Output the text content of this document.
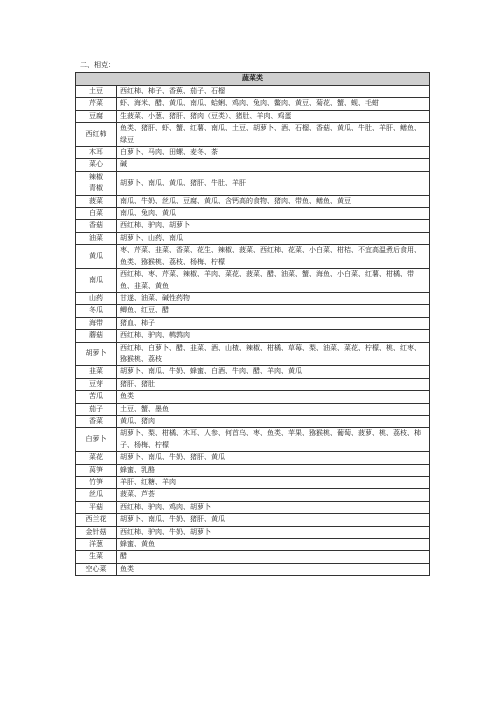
二、相克：
蔬菜类	
土豆	西红柿、柿子、香蕉、茄子、石榴
芹菜	虾、海米、醋、黄瓜、南瓜、蛤蜊、鸡肉、兔肉、鳖肉、黄豆、菊花、蟹、蚬、毛蚶
豆腐	生菠菜、小葱、猪肝、猪肉（豆类）、猪肚、羊肉、鸡蛋
西红柿	鱼类、猪肝、虾、蟹、红薯、南瓜、土豆、胡萝卜、酒、石榴、香菇、黄瓜、牛肚、羊肝、鳝鱼、绿豆
木耳	白萝卜、马肉、田螺、麦冬、茶
菜心	碱
辣椒
青椒	胡萝卜、南瓜、黄瓜、猪肝、牛肚、羊肝
菠菜	南瓜、牛奶、丝瓜、豆腐、黄瓜、含钙高的食物、猪肉、带鱼、鳝鱼、黄豆
白菜	南瓜、兔肉、黄瓜
香菇	西红柿、驴肉、胡萝卜
油菜	胡萝卜、山药、南瓜
黄瓜	枣、芹菜、韭菜、香菜、花生、辣椒、菠菜、西红柿、花菜、小白菜、柑桔、不宜高温煮后食用、鱼类、猕猴桃、荔枝、杨梅、柠檬
南瓜	西红柿、枣、芹菜、辣椒、羊肉、菜花、菠菜、醋、油菜、蟹、海鱼、小白菜、红薯、柑橘、带鱼、韭菜、黄鱼
山药	甘遂、油菜、碱性药物
冬瓜	鲫鱼、红豆、醋
海带	猪血、柿子
蘑菇	西红柿、驴肉、鹌鹑肉
胡萝卜	西红柿、白萝卜、醋、韭菜、酒、山楂、辣椒、柑橘、草莓、梨、油菜、菜花、柠檬、桃、红枣、猕猴桃、荔枝
韭菜	胡萝卜、南瓜、牛奶、蜂蜜、白酒、牛肉、醋、羊肉、黄瓜
豆芽	猪肝、猪肚
苦瓜	鱼类
茄子	土豆、蟹、墨鱼
香菜	黄瓜、猪肉
白萝卜	胡萝卜、梨、柑橘、木耳、人参、何首乌、枣、鱼类、苹果、猕猴桃、葡萄、菠萝、桃、荔枝、柿子、杨梅、柠檬
菜花	胡萝卜、南瓜、牛奶、猪肝、黄瓜
莴笋	蜂蜜、乳酪
竹笋	羊肝、红糖、羊肉
丝瓜	菠菜、芦荟
平菇	西红柿、驴肉、鸡肉、胡萝卜
西兰花	胡萝卜、南瓜、牛奶、猪肝、黄瓜
金针菇	西红柿、驴肉、牛奶、胡萝卜
洋葱	蜂蜜、黄鱼
生菜	醋
空心菜	鱼类
